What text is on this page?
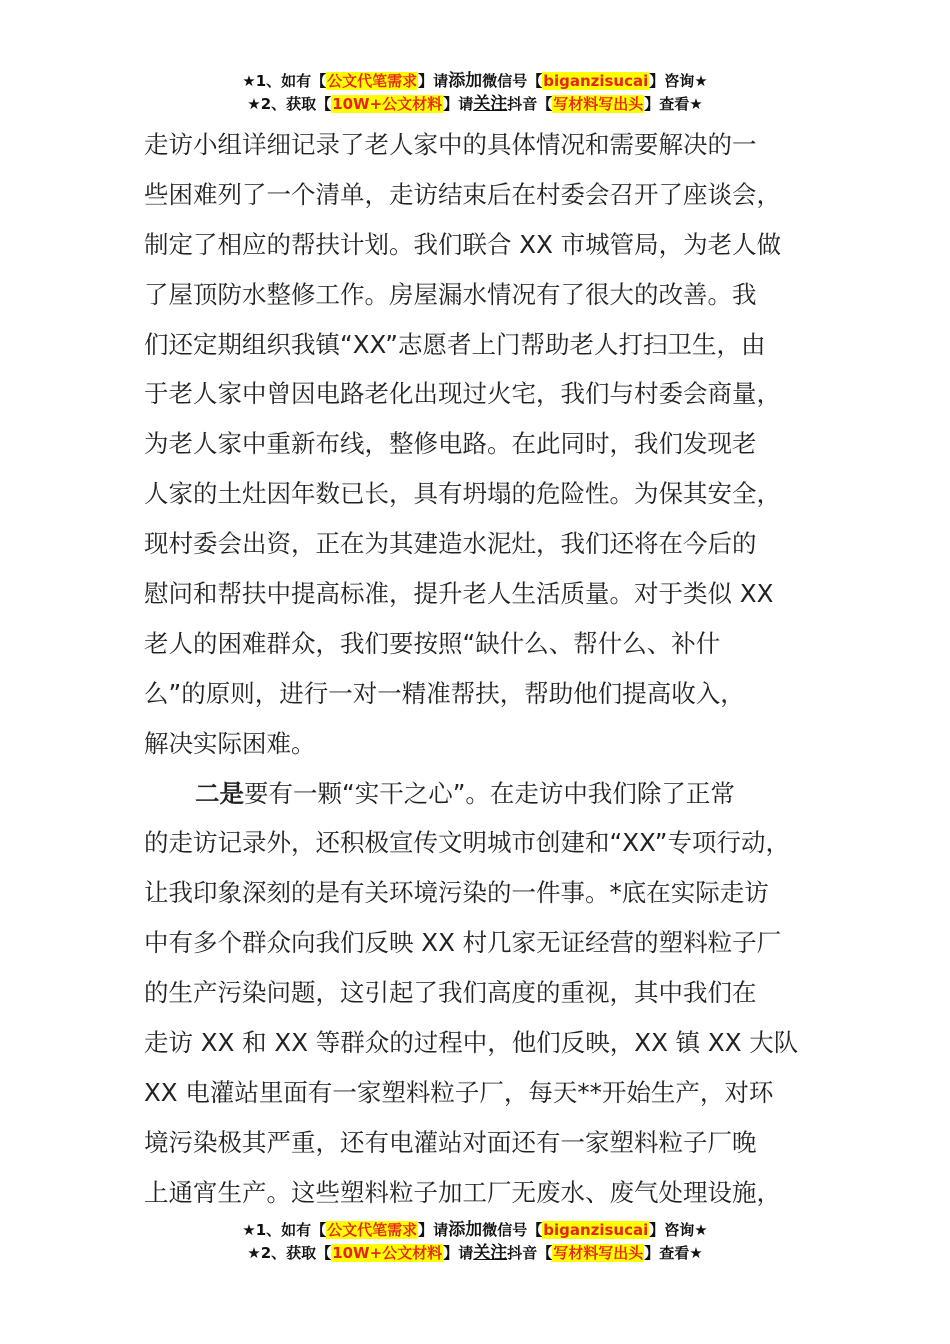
★1、如有【公文代笔需求】请添加微信号【biganzisucai】咨询★
★2、获取【10W+公文材料】请关注抖音【写材料写出头】查看★
走访小组详细记录了老人家中的具体情况和需要解决的一
些困难列了一个清单，走访结束后在村委会召开了座谈会，
制定了相应的帮扶计划。我们联合 XX 市城管局，为老人做
了屋顶防水整修工作。房屋漏水情况有了很大的改善。我
们还定期组织我镇“XX”志愿者上门帮助老人打扫卫生，由
于老人家中曾因电路老化出现过火宅，我们与村委会商量，
为老人家中重新布线，整修电路。在此同时，我们发现老
人家的土灶因年数已长，具有坍塌的危险性。为保其安全，
现村委会出资，正在为其建造水泥灶，我们还将在今后的
慰问和帮扶中提高标准，提升老人生活质量。对于类似 XX
老人的困难群众，我们要按照“缺什么、帮什么、补什
么”的原则，进行一对一精准帮扶，帮助他们提高收入，
解决实际困难。
二是要有一颗“实干之心”。在走访中我们除了正常
的走访记录外，还积极宣传文明城市创建和“XX”专项行动，
让我印象深刻的是有关环境污染的一件事。*底在实际走访
中有多个群众向我们反映 XX 村几家无证经营的塑料粒子厂
的生产污染问题，这引起了我们高度的重视，其中我们在
走访 XX 和 XX 等群众的过程中，他们反映，XX 镇 XX 大队
XX 电灌站里面有一家塑料粒子厂，每天**开始生产，对环
境污染极其严重，还有电灌站对面还有一家塑料粒子厂晚
上通宵生产。这些塑料粒子加工厂无废水、废气处理设施，
★1、如有【公文代笔需求】请添加微信号【biganzisucai】咨询★
★2、获取【10W+公文材料】请关注抖音【写材料写出头】查看★
